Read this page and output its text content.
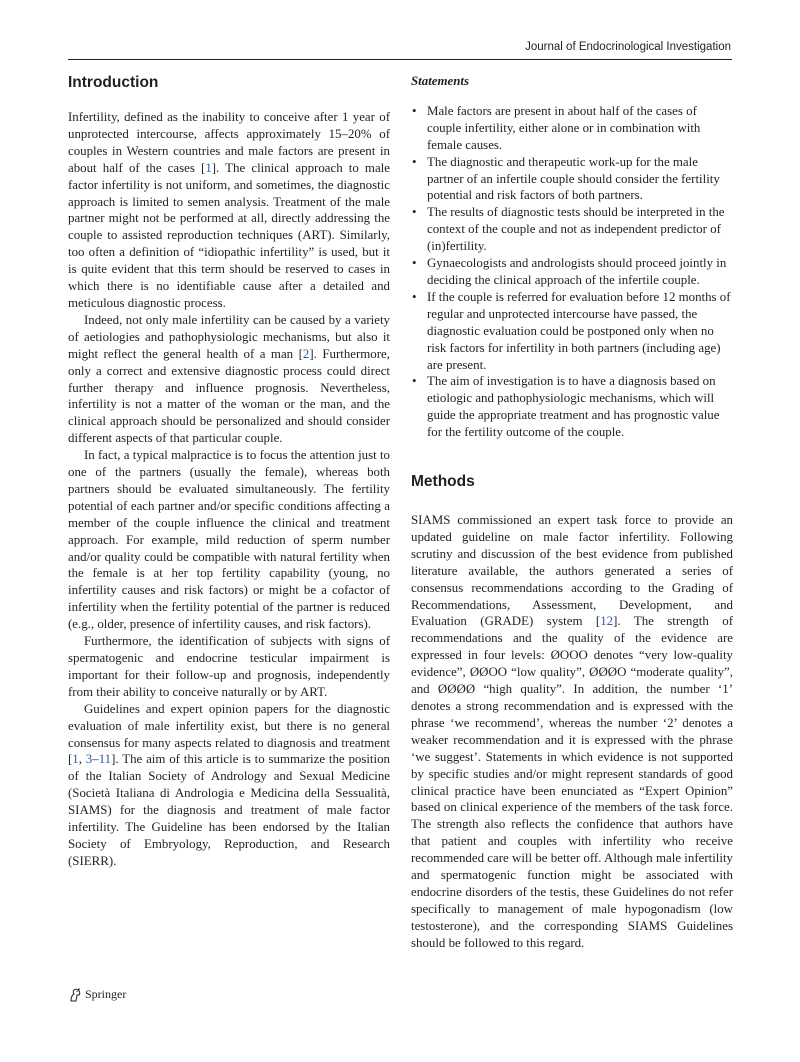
Journal of Endocrinological Investigation
Introduction

Infertility, defined as the inability to conceive after 1 year of unprotected intercourse, affects approximately 15–20% of couples in Western countries and male factors are present in about half of the cases [1]. The clinical approach to male factor infertility is not uniform, and sometimes, the diagnostic approach is limited to semen analysis. Treatment of the male partner might not be performed at all, directly addressing the couple to assisted reproduction techniques (ART). Similarly, too often a definition of “idiopathic infertility” is used, but it is quite evident that this term should be reserved to cases in which there is no identifiable cause after a detailed and meticulous diagnostic process.

Indeed, not only male infertility can be caused by a variety of aetiologies and pathophysiologic mechanisms, but also it might reflect the general health of a man [2]. Furthermore, only a correct and extensive diagnostic process could direct further therapy and influence prognosis. Nevertheless, infertility is not a matter of the woman or the man, and the clinical approach should be personalized and should consider different aspects of that particular couple.

In fact, a typical malpractice is to focus the attention just to one of the partners (usually the female), whereas both partners should be evaluated simultaneously. The fertility potential of each partner and/or specific conditions affecting a member of the couple influence the clinical and treatment approach. For example, mild reduction of sperm number and/or quality could be compatible with natural fertility when the female is at her top fertility capability (young, no infertility causes and risk factors) or might be a cofactor of infertility when the fertility potential of the partner is reduced (e.g., older, presence of infertility causes, and risk factors).

Furthermore, the identification of subjects with signs of spermatogenic and endocrine testicular impairment is important for their follow-up and prognosis, independently from their ability to conceive naturally or by ART.

Guidelines and expert opinion papers for the diagnostic evaluation of male infertility exist, but there is no general consensus for many aspects related to diagnosis and treatment [1, 3–11]. The aim of this article is to summarize the position of the Italian Society of Andrology and Sexual Medicine (Società Italiana di Andrologia e Medicina della Sessualità, SIAMS) for the diagnosis and treatment of male factor infertility. The Guideline has been endorsed by the Italian Society of Embryology, Reproduction, and Research (SIERR).

Statements
• Male factors are present in about half of the cases of couple infertility, either alone or in combination with female causes.
• The diagnostic and therapeutic work-up for the male partner of an infertile couple should consider the fertility potential and risk factors of both partners.
• The results of diagnostic tests should be interpreted in the context of the couple and not as independent predictor of (in)fertility.
• Gynaecologists and andrologists should proceed jointly in deciding the clinical approach of the infertile couple.
• If the couple is referred for evaluation before 12 months of regular and unprotected intercourse have passed, the diagnostic evaluation could be postponed only when no risk factors for infertility in both partners (including age) are present.
• The aim of investigation is to have a diagnosis based on etiologic and pathophysiologic mechanisms, which will guide the appropriate treatment and has prognostic value for the fertility outcome of the couple.
Methods

SIAMS commissioned an expert task force to provide an updated guideline on male factor infertility. Following scrutiny and discussion of the best evidence from published literature available, the authors generated a series of consensus recommendations according to the Grading of Recommendations, Assessment, Development, and Evaluation (GRADE) system [12]. The strength of recommendations and the quality of the evidence are expressed in four levels: ØOOO denotes “very low-quality evidence”, ØØOO “low quality”, ØØØO “moderate quality”, and ØØØØ “high quality”. In addition, the number ‘1’ denotes a strong recommendation and is expressed with the phrase ‘we recommend’, whereas the number ‘2’ denotes a weaker recommendation and it is expressed with the phrase ‘we suggest’. Statements in which evidence is not supported by specific studies and/or might represent standards of good clinical practice have been enunciated as “Expert Opinion” based on clinical experience of the members of the task force. The strength also reflects the confidence that authors have that patient and couples with infertility who receive recommended care will be better off. Although male infertility and spermatogenic function might be associated with endocrine disorders of the testis, these Guidelines do not refer specifically to management of male hypogonadism (low testosterone), and the corresponding SIAMS Guidelines should be followed to this regard.

Springer
